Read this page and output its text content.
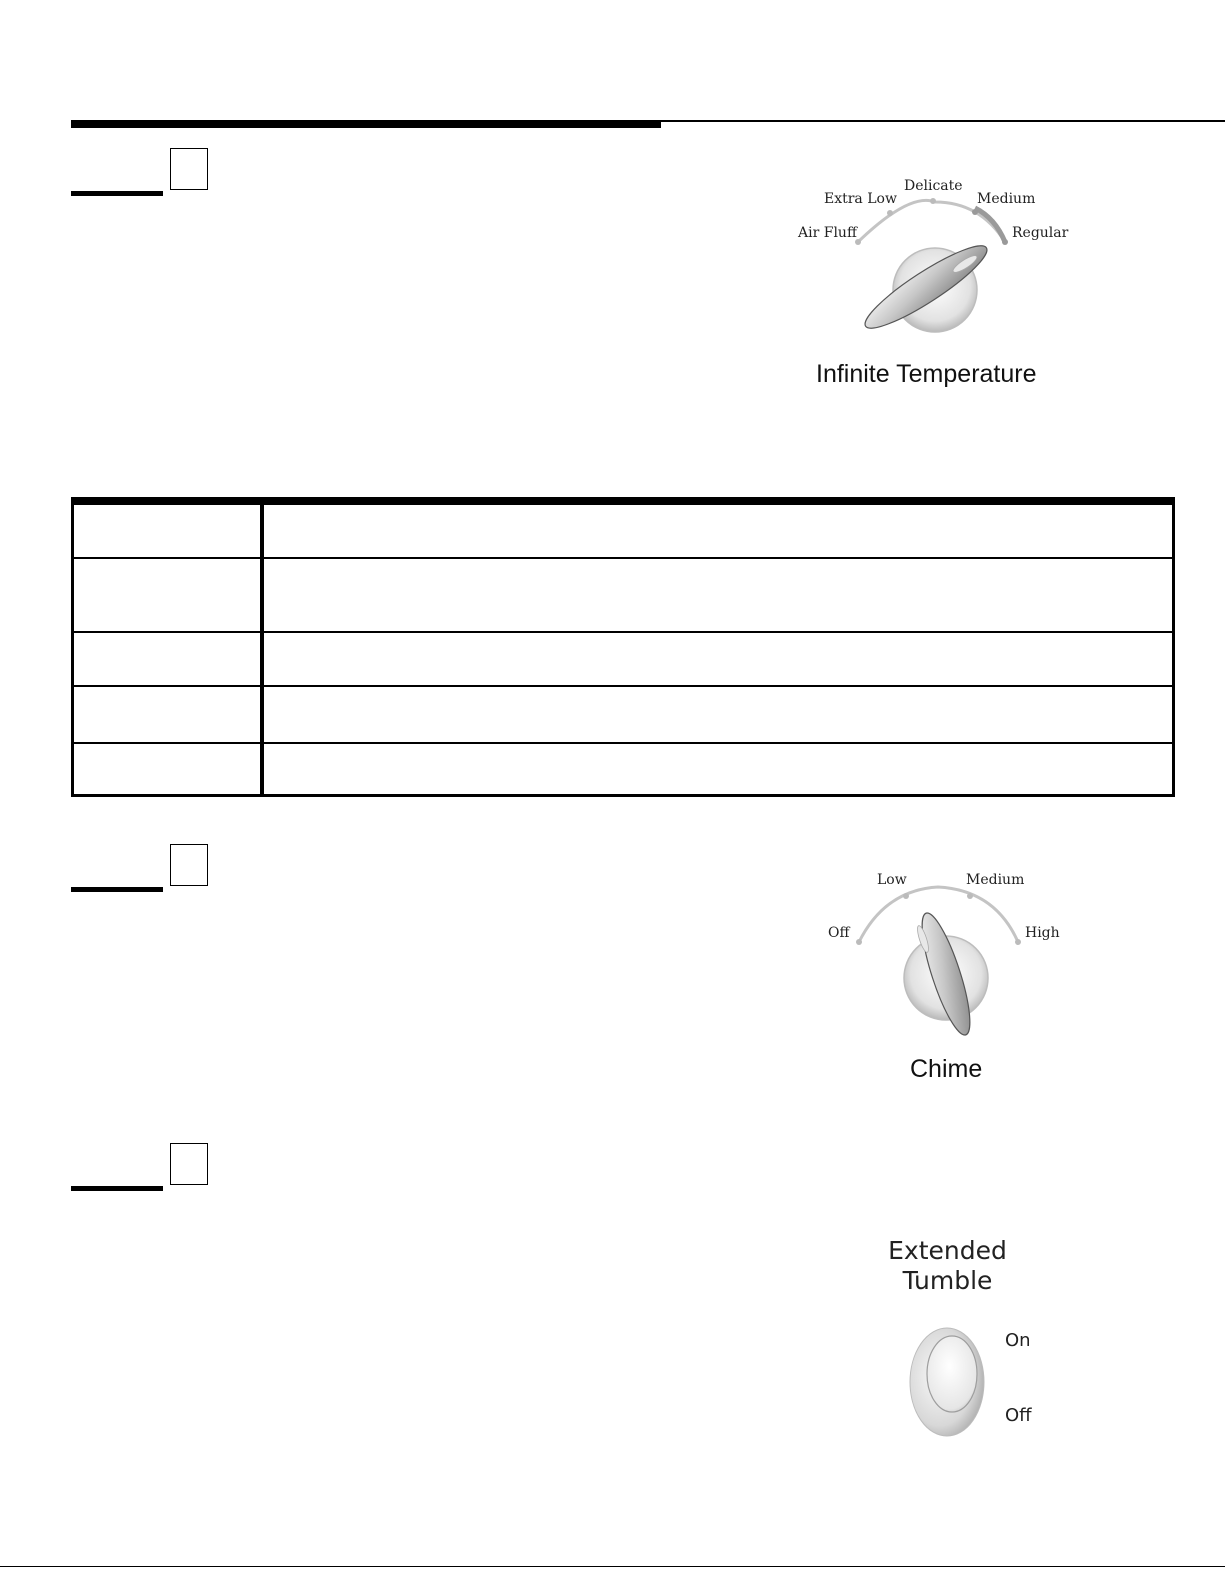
Air Fluff
Extra Low
Delicate
Medium
Regular
Infinite Temperature

Off
Low	Medium
High
Chime
Extended
Tumble
On
Off
